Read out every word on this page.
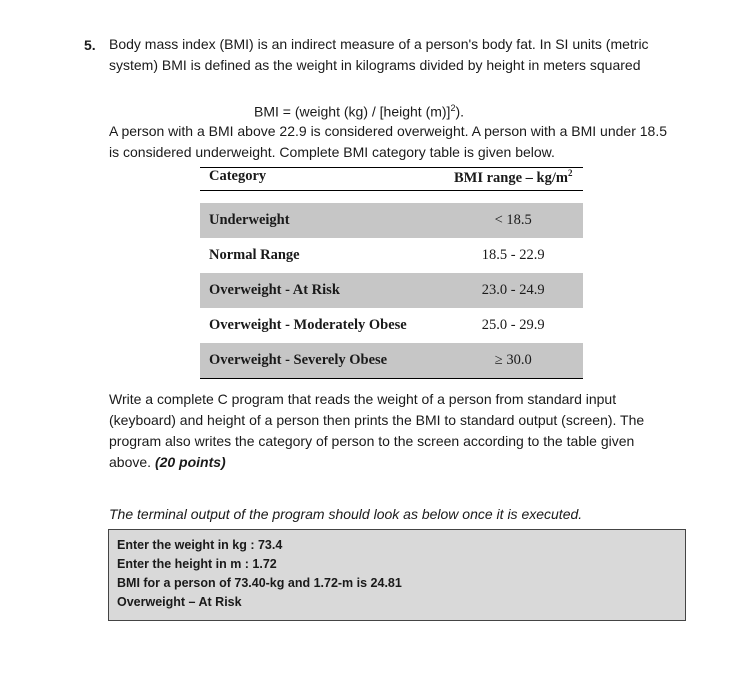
5. Body mass index (BMI) is an indirect measure of a person's body fat. In SI units (metric system) BMI is defined as the weight in kilograms divided by height in meters squared
BMI = (weight (kg) / [height (m)]$^2$).
A person with a BMI above 22.9 is considered overweight. A person with a BMI under 18.5 is considered underweight. Complete BMI category table is given below.
Category	BMI range – $kg/m^2$

Underweight	< 18.5
Normal Range	18.5 - 22.9
Overweight - At Risk	23.0 - 24.9
Overweight - Moderately Obese	25.0 - 29.9
Overweight - Severely Obese	≥ 30.0
Write a complete C program that reads the weight of a person from standard input (keyboard) and height of a person then prints the BMI to standard output (screen). The program also writes the category of person to the screen according to the table given above. (20 points)
The terminal output of the program should look as below once it is executed.
Enter the weight in kg : 73.4
Enter the height in m : 1.72
BMI for a person of 73.40-kg and 1.72-m is 24.81
Overweight – At Risk
